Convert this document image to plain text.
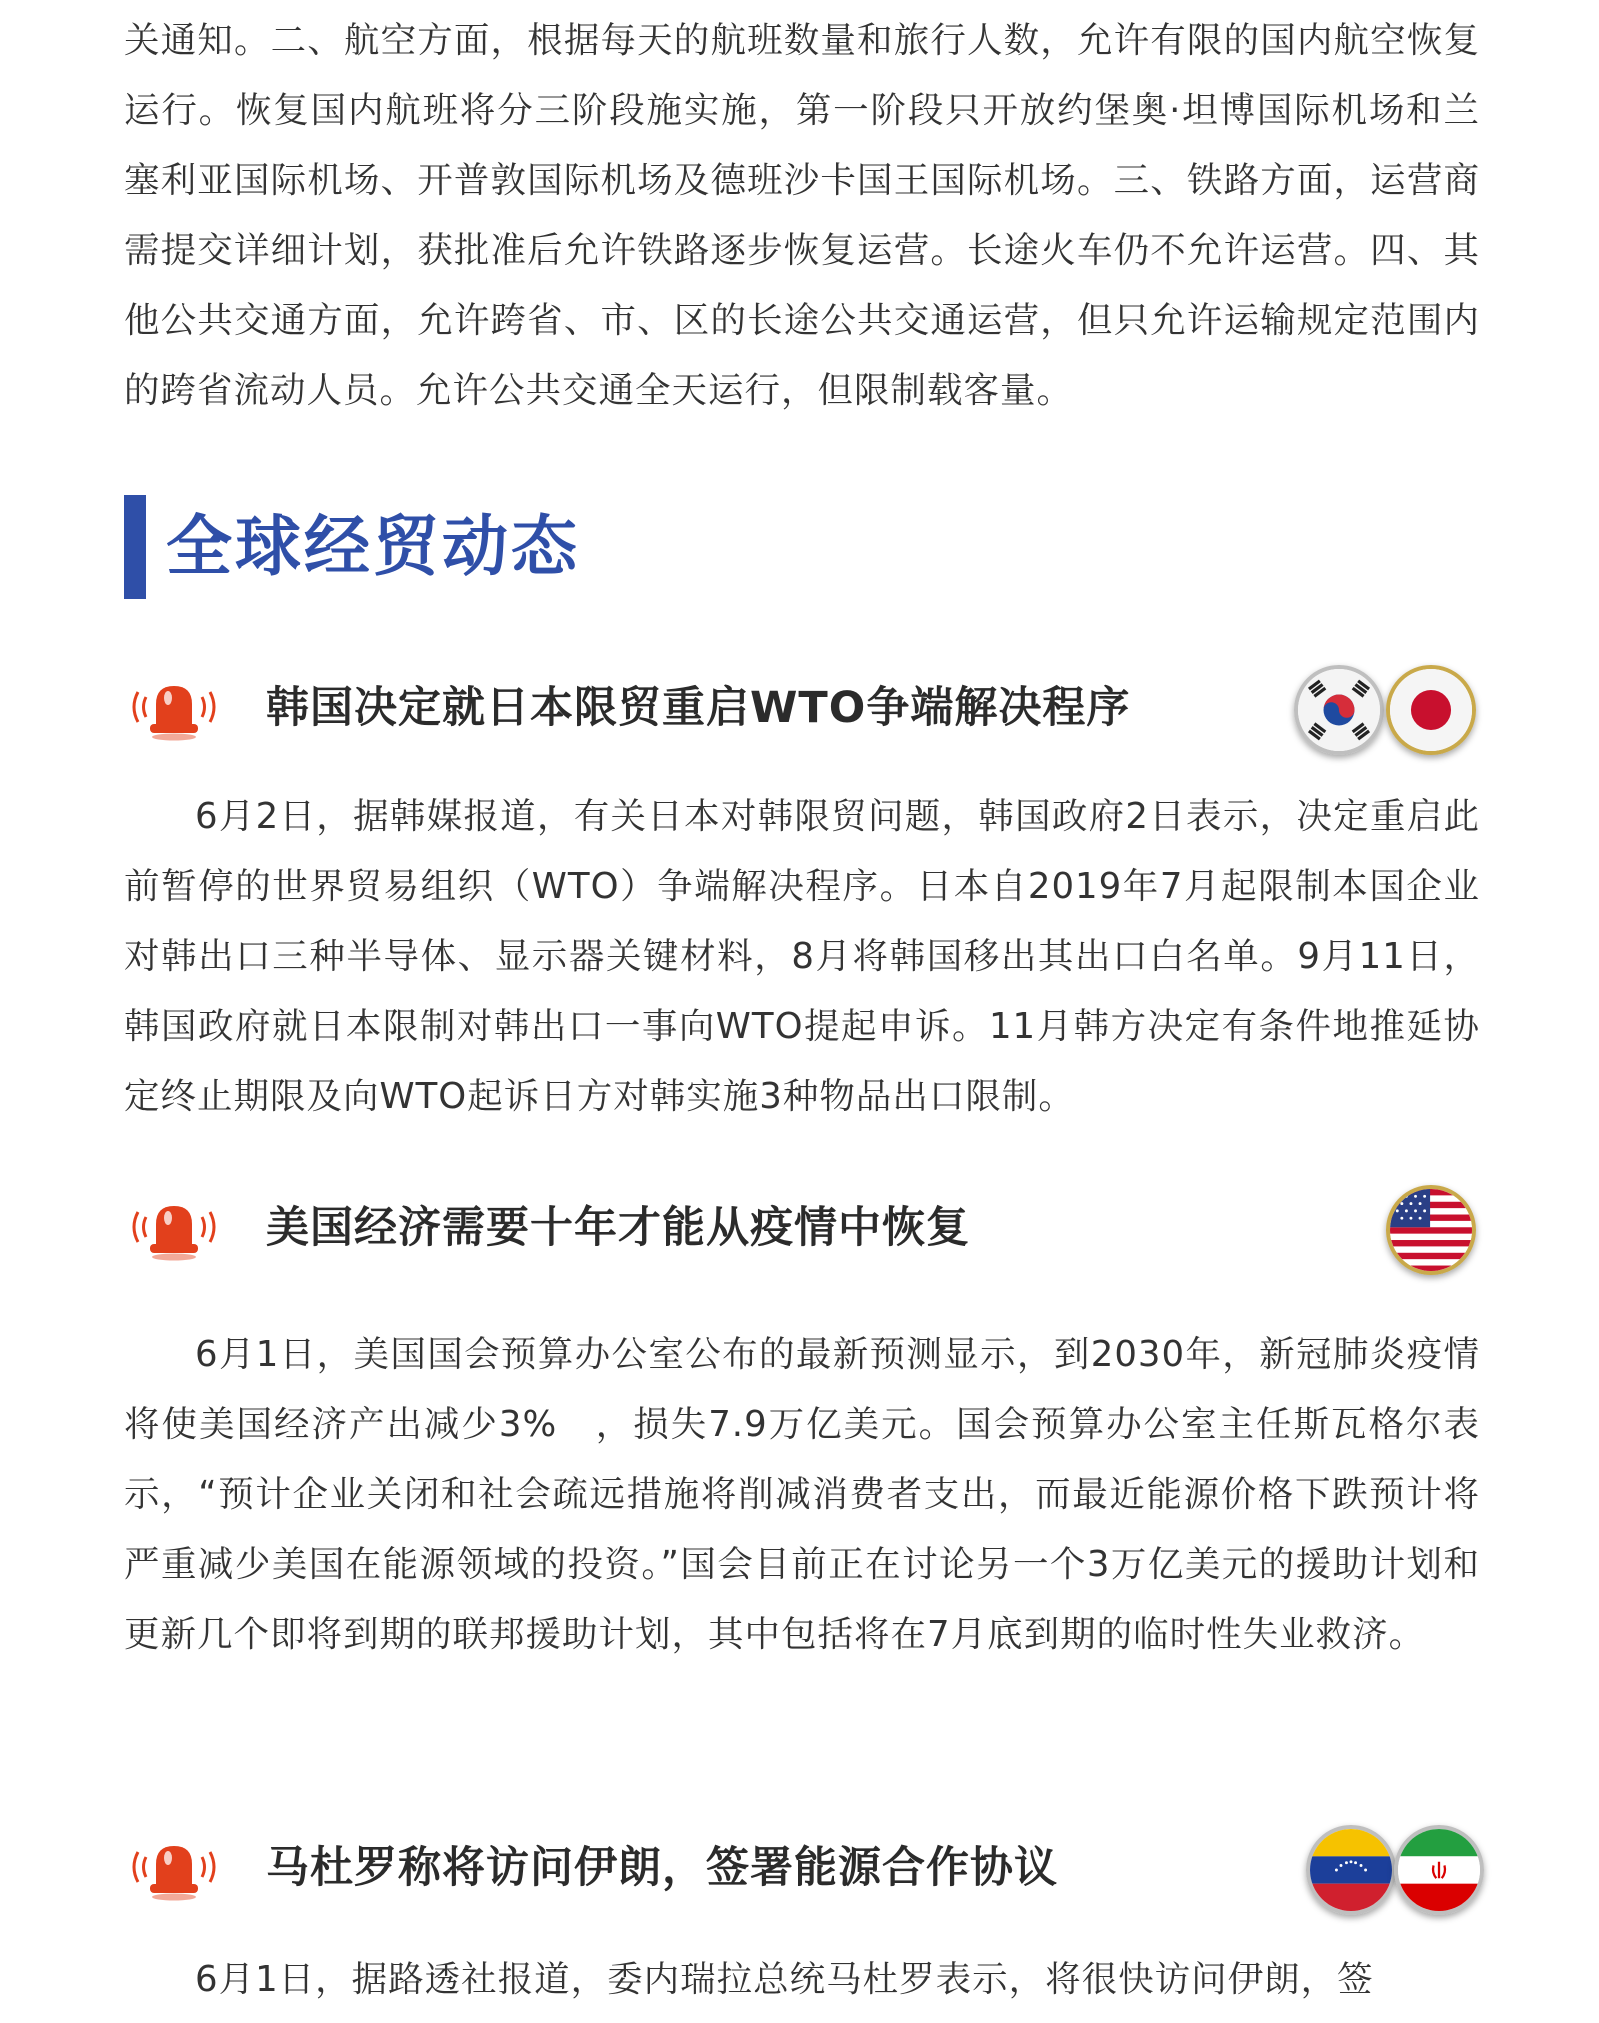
关通知。二、航空方面，根据每天的航班数量和旅行人数，允许有限的国内航空恢复运行。恢复国内航班将分三阶段施实施，第一阶段只开放约堡奥·坦博国际机场和兰塞利亚国际机场、开普敦国际机场及德班沙卡国王国际机场。三、铁路方面，运营商需提交详细计划，获批准后允许铁路逐步恢复运营。长途火车仍不允许运营。四、其他公共交通方面，允许跨省、市、区的长途公共交通运营，但只允许运输规定范围内的跨省流动人员。允许公共交通全天运行，但限制载客量。

全球经贸动态
韩国决定就日本限贸重启WTO争端解决程序

6月2日，据韩媒报道，有关日本对韩限贸问题，韩国政府2日表示，决定重启此前暂停的世界贸易组织（WTO）争端解决程序。日本自2019年7月起限制本国企业对韩出口三种半导体、显示器关键材料，8月将韩国移出其出口白名单。9月11日，韩国政府就日本限制对韩出口一事向WTO提起申诉。11月韩方决定有条件地推延协定终止期限及向WTO起诉日方对韩实施3种物品出口限制。

美国经济需要十年才能从疫情中恢复

6月1日，美国国会预算办公室公布的最新预测显示，到2030年，新冠肺炎疫情将使美国经济产出减少3%　，损失7.9万亿美元。国会预算办公室主任斯瓦格尔表示，“预计企业关闭和社会疏远措施将削减消费者支出，而最近能源价格下跌预计将严重减少美国在能源领域的投资。”国会目前正在讨论另一个3万亿美元的援助计划和更新几个即将到期的联邦援助计划，其中包括将在7月底到期的临时性失业救济。

马杜罗称将访问伊朗，签署能源合作协议

6月1日，据路透社报道，委内瑞拉总统马杜罗表示，将很快访问伊朗，签
